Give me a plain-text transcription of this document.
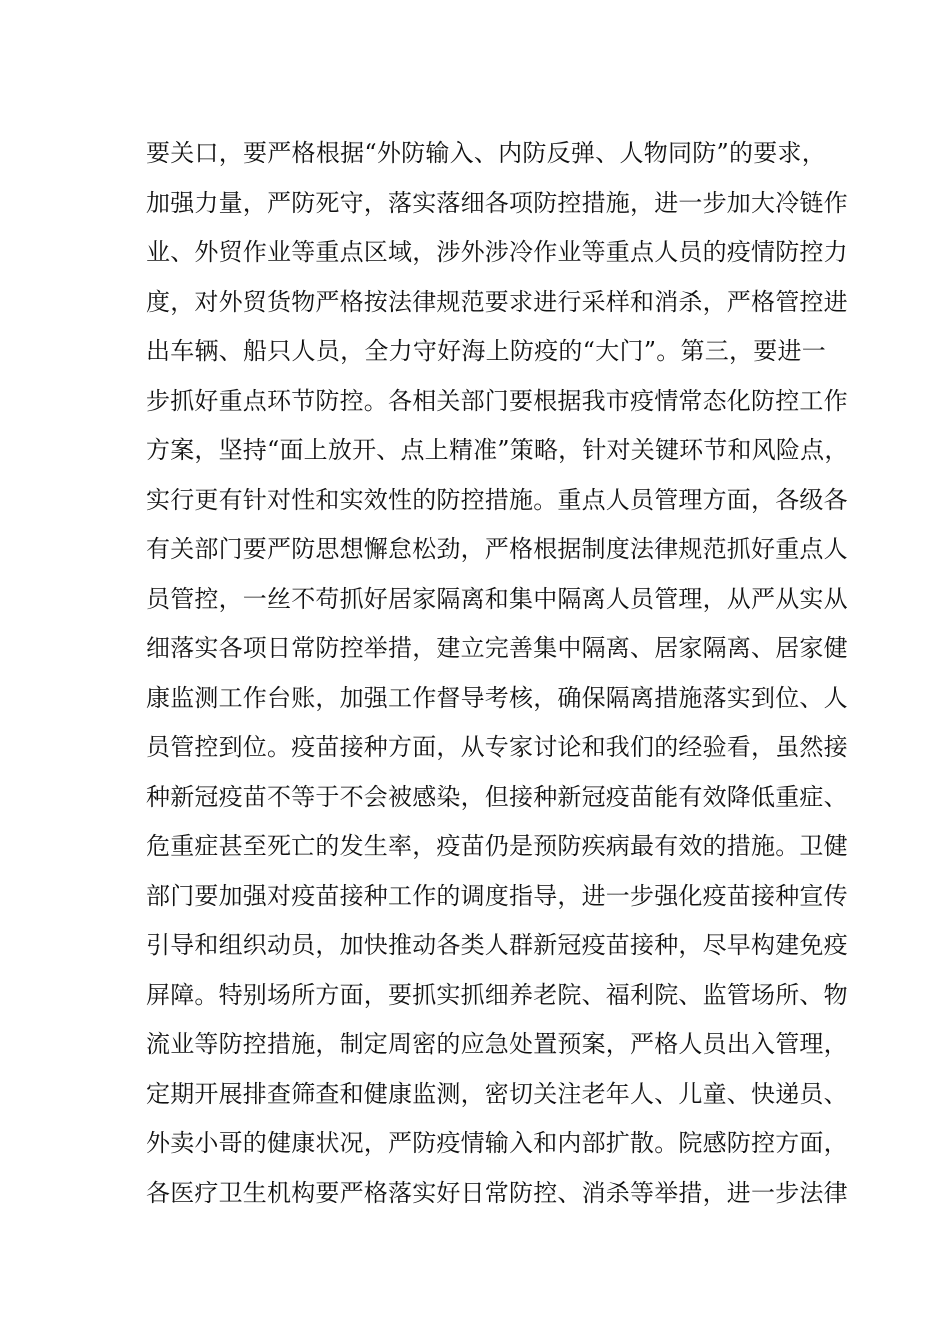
要关口，要严格根据“外防输入、内防反弹、人物同防”的要求，
加强力量，严防死守，落实落细各项防控措施，进一步加大冷链作
业、外贸作业等重点区域，涉外涉冷作业等重点人员的疫情防控力
度，对外贸货物严格按法律规范要求进行采样和消杀，严格管控进
出车辆、船只人员，全力守好海上防疫的“大门”。第三，要进一
步抓好重点环节防控。各相关部门要根据我市疫情常态化防控工作
方案，坚持“面上放开、点上精准”策略，针对关键环节和风险点，
实行更有针对性和实效性的防控措施。重点人员管理方面，各级各
有关部门要严防思想懈怠松劲，严格根据制度法律规范抓好重点人
员管控，一丝不苟抓好居家隔离和集中隔离人员管理，从严从实从
细落实各项日常防控举措，建立完善集中隔离、居家隔离、居家健
康监测工作台账，加强工作督导考核，确保隔离措施落实到位、人
员管控到位。疫苗接种方面，从专家讨论和我们的经验看，虽然接
种新冠疫苗不等于不会被感染，但接种新冠疫苗能有效降低重症、
危重症甚至死亡的发生率，疫苗仍是预防疾病最有效的措施。卫健
部门要加强对疫苗接种工作的调度指导，进一步强化疫苗接种宣传
引导和组织动员，加快推动各类人群新冠疫苗接种，尽早构建免疫
屏障。特别场所方面，要抓实抓细养老院、福利院、监管场所、物
流业等防控措施，制定周密的应急处置预案，严格人员出入管理，
定期开展排查筛查和健康监测，密切关注老年人、儿童、快递员、
外卖小哥的健康状况，严防疫情输入和内部扩散。院感防控方面，
各医疗卫生机构要严格落实好日常防控、消杀等举措，进一步法律
